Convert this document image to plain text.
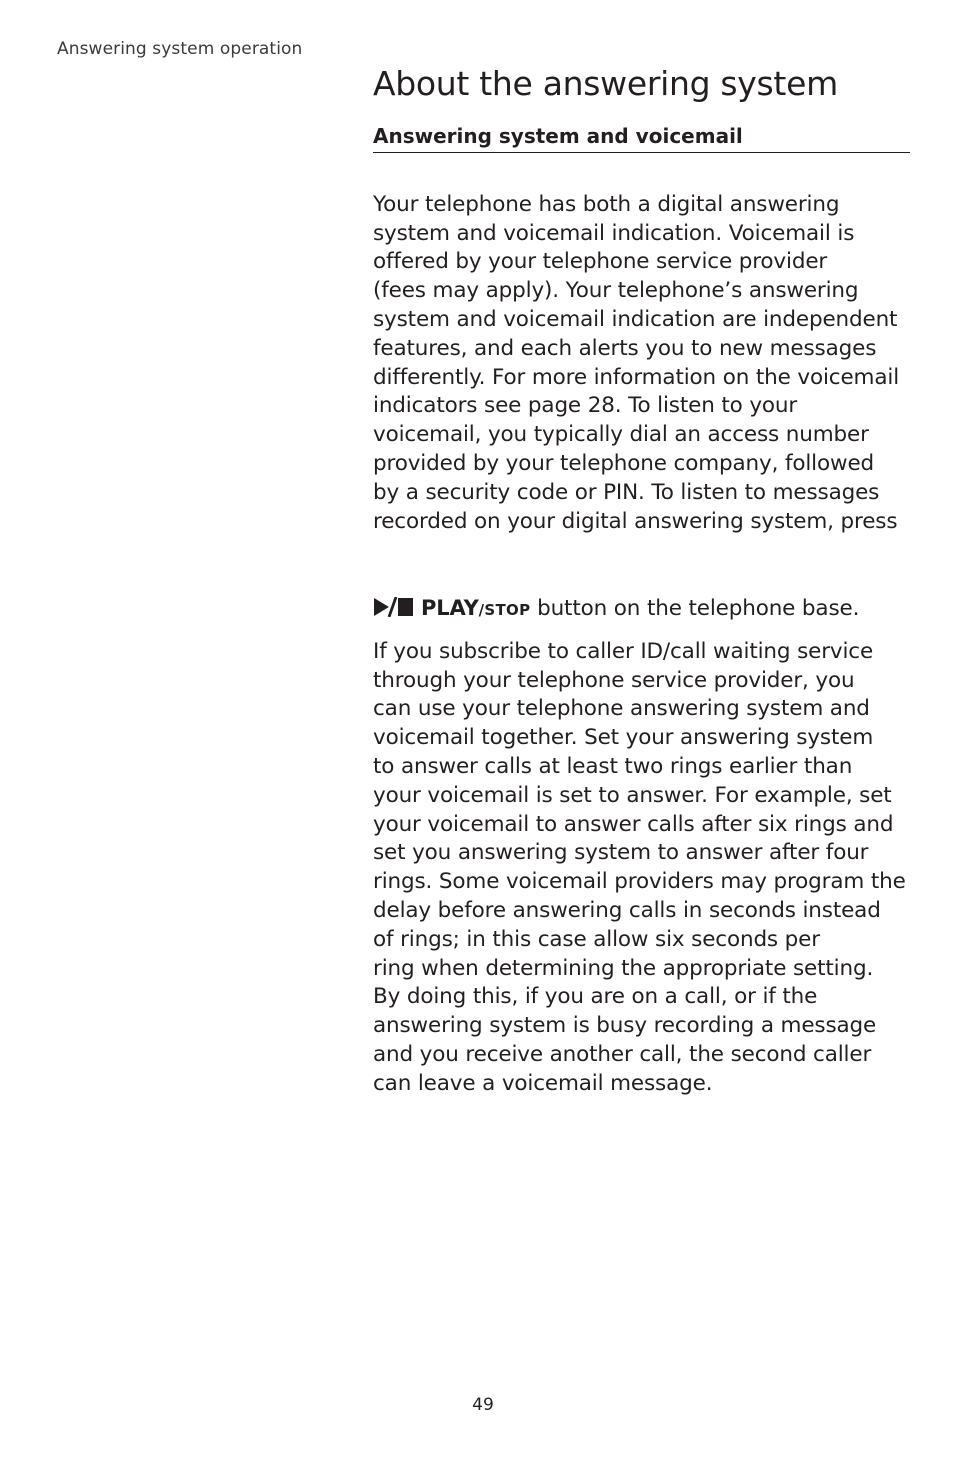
Answering system operation
About the answering system
Answering system and voicemail

Your telephone has both a digital answering
system and voicemail indication. Voicemail is
offered by your telephone service provider
(fees may apply). Your telephone’s answering
system and voicemail indication are independent
features, and each alerts you to new messages
differently. For more information on the voicemail
indicators see page 28. To listen to your
voicemail, you typically dial an access number
provided by your telephone company, followed
by a security code or PIN. To listen to messages
recorded on your digital answering system, press

PLAY/STOP button on the telephone base.

If you subscribe to caller ID/call waiting service
through your telephone service provider, you
can use your telephone answering system and
voicemail together. Set your answering system
to answer calls at least two rings earlier than
your voicemail is set to answer. For example, set
your voicemail to answer calls after six rings and
set you answering system to answer after four
rings. Some voicemail providers may program the
delay before answering calls in seconds instead
of rings; in this case allow six seconds per
ring when determining the appropriate setting.
By doing this, if you are on a call, or if the
answering system is busy recording a message
and you receive another call, the second caller
can leave a voicemail message.
49
